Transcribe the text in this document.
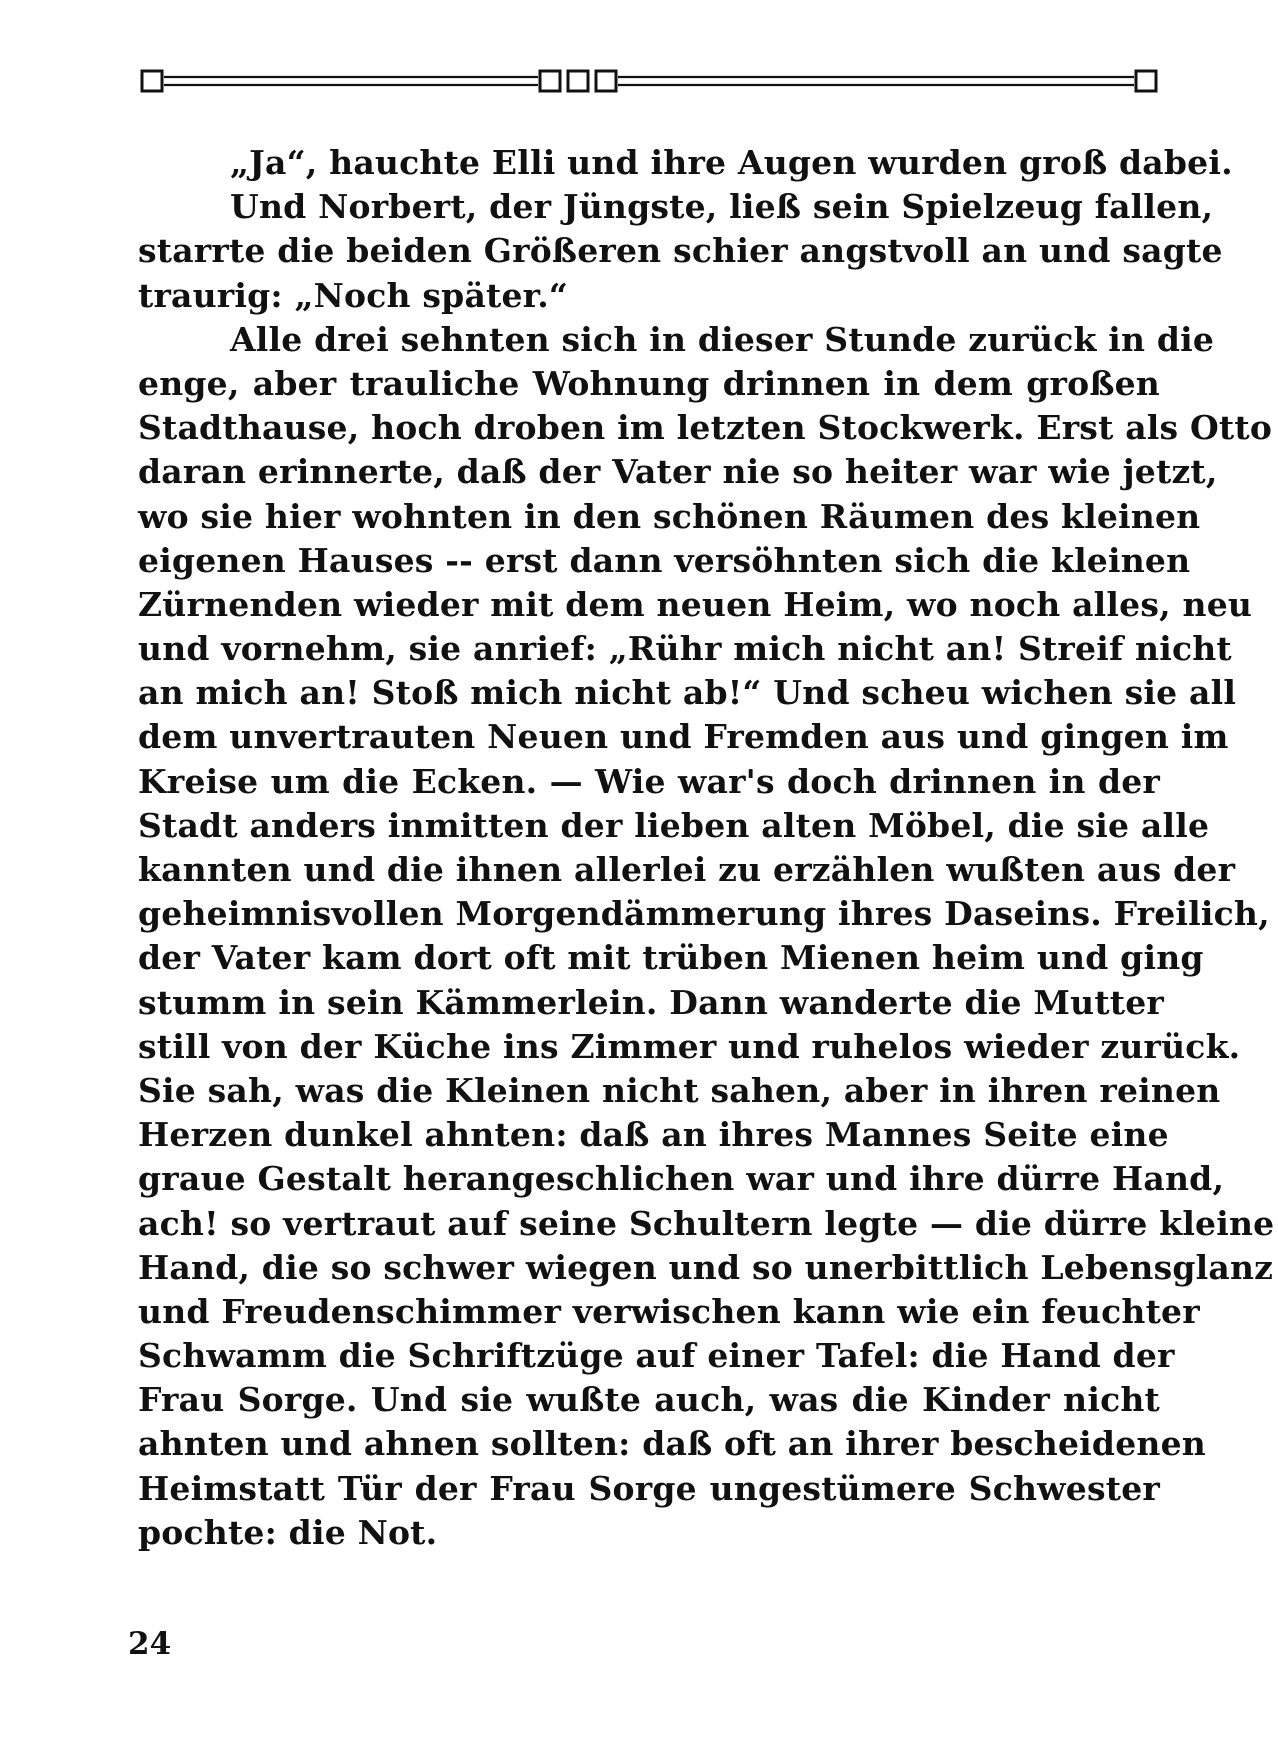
„Ja“, hauchte Elli und ihre Augen wurden groß dabei.
Und Norbert, der Jüngste, ließ sein Spielzeug fallen,
starrte die beiden Größeren schier angstvoll an und sagte
traurig: „Noch später.“
Alle drei sehnten sich in dieser Stunde zurück in die
enge, aber trauliche Wohnung drinnen in dem großen
Stadthause, hoch droben im letzten Stockwerk. Erst als Otto
daran erinnerte, daß der Vater nie so heiter war wie jetzt,
wo sie hier wohnten in den schönen Räumen des kleinen
eigenen Hauses -- erst dann versöhnten sich die kleinen
Zürnenden wieder mit dem neuen Heim, wo noch alles, neu
und vornehm, sie anrief: „Rühr mich nicht an! Streif nicht
an mich an! Stoß mich nicht ab!“ Und scheu wichen sie all
dem unvertrauten Neuen und Fremden aus und gingen im
Kreise um die Ecken. — Wie war's doch drinnen in der
Stadt anders inmitten der lieben alten Möbel, die sie alle
kannten und die ihnen allerlei zu erzählen wußten aus der
geheimnisvollen Morgendämmerung ihres Daseins. Freilich,
der Vater kam dort oft mit trüben Mienen heim und ging
stumm in sein Kämmerlein. Dann wanderte die Mutter
still von der Küche ins Zimmer und ruhelos wieder zurück.
Sie sah, was die Kleinen nicht sahen, aber in ihren reinen
Herzen dunkel ahnten: daß an ihres Mannes Seite eine
graue Gestalt herangeschlichen war und ihre dürre Hand,
ach! so vertraut auf seine Schultern legte — die dürre kleine
Hand, die so schwer wiegen und so unerbittlich Lebensglanz
und Freudenschimmer verwischen kann wie ein feuchter
Schwamm die Schriftzüge auf einer Tafel: die Hand der
Frau Sorge. Und sie wußte auch, was die Kinder nicht
ahnten und ahnen sollten: daß oft an ihrer bescheidenen
Heimstatt Tür der Frau Sorge ungestümere Schwester
pochte: die Not.
24
